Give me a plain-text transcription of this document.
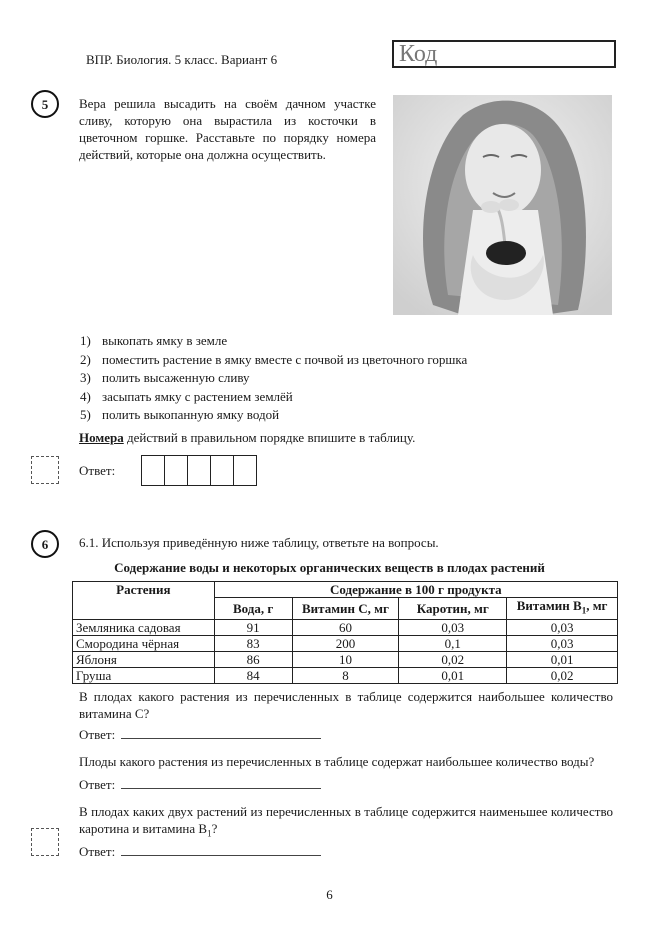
ВПР. Биология. 5 класс. Вариант 6	Код
5	Вера решила высадить на своём дачном участке сливу, которую она вырастила из косточки в цветочном горшке. Расставьте по порядку номера действий, которые она должна осуществить.
1) выкопать ямку в земле
2) поместить растение в ямку вместе с почвой из цветочного горшка
3) полить высаженную сливу
4) засыпать ямку с растением землёй
5) полить выкопанную ямку водой
Номера действий в правильном порядке впишите в таблицу.
Ответ:
6	6.1. Используя приведённую ниже таблицу, ответьте на вопросы.
Содержание воды и некоторых органических веществ в плодах растений
Растения	Содержание в 100 г продукта			
	Вода, г	Витамин C, мг	Каротин, мг	Витамин $B_1$, мг
Земляника садовая	91	60	0,03	0,03
Смородина чёрная	83	200	0,1	0,03
Яблоня	86	10	0,02	0,01
Груша	84	8	0,01	0,02
В плодах какого растения из перечисленных в таблице содержится наибольшее количество витамина C?
Ответ:
Плоды какого растения из перечисленных в таблице содержат наибольшее количество воды?
Ответ:
В плодах каких двух растений из перечисленных в таблице содержится наименьшее количество каротина и витамина $B_1$?
Ответ:
6
